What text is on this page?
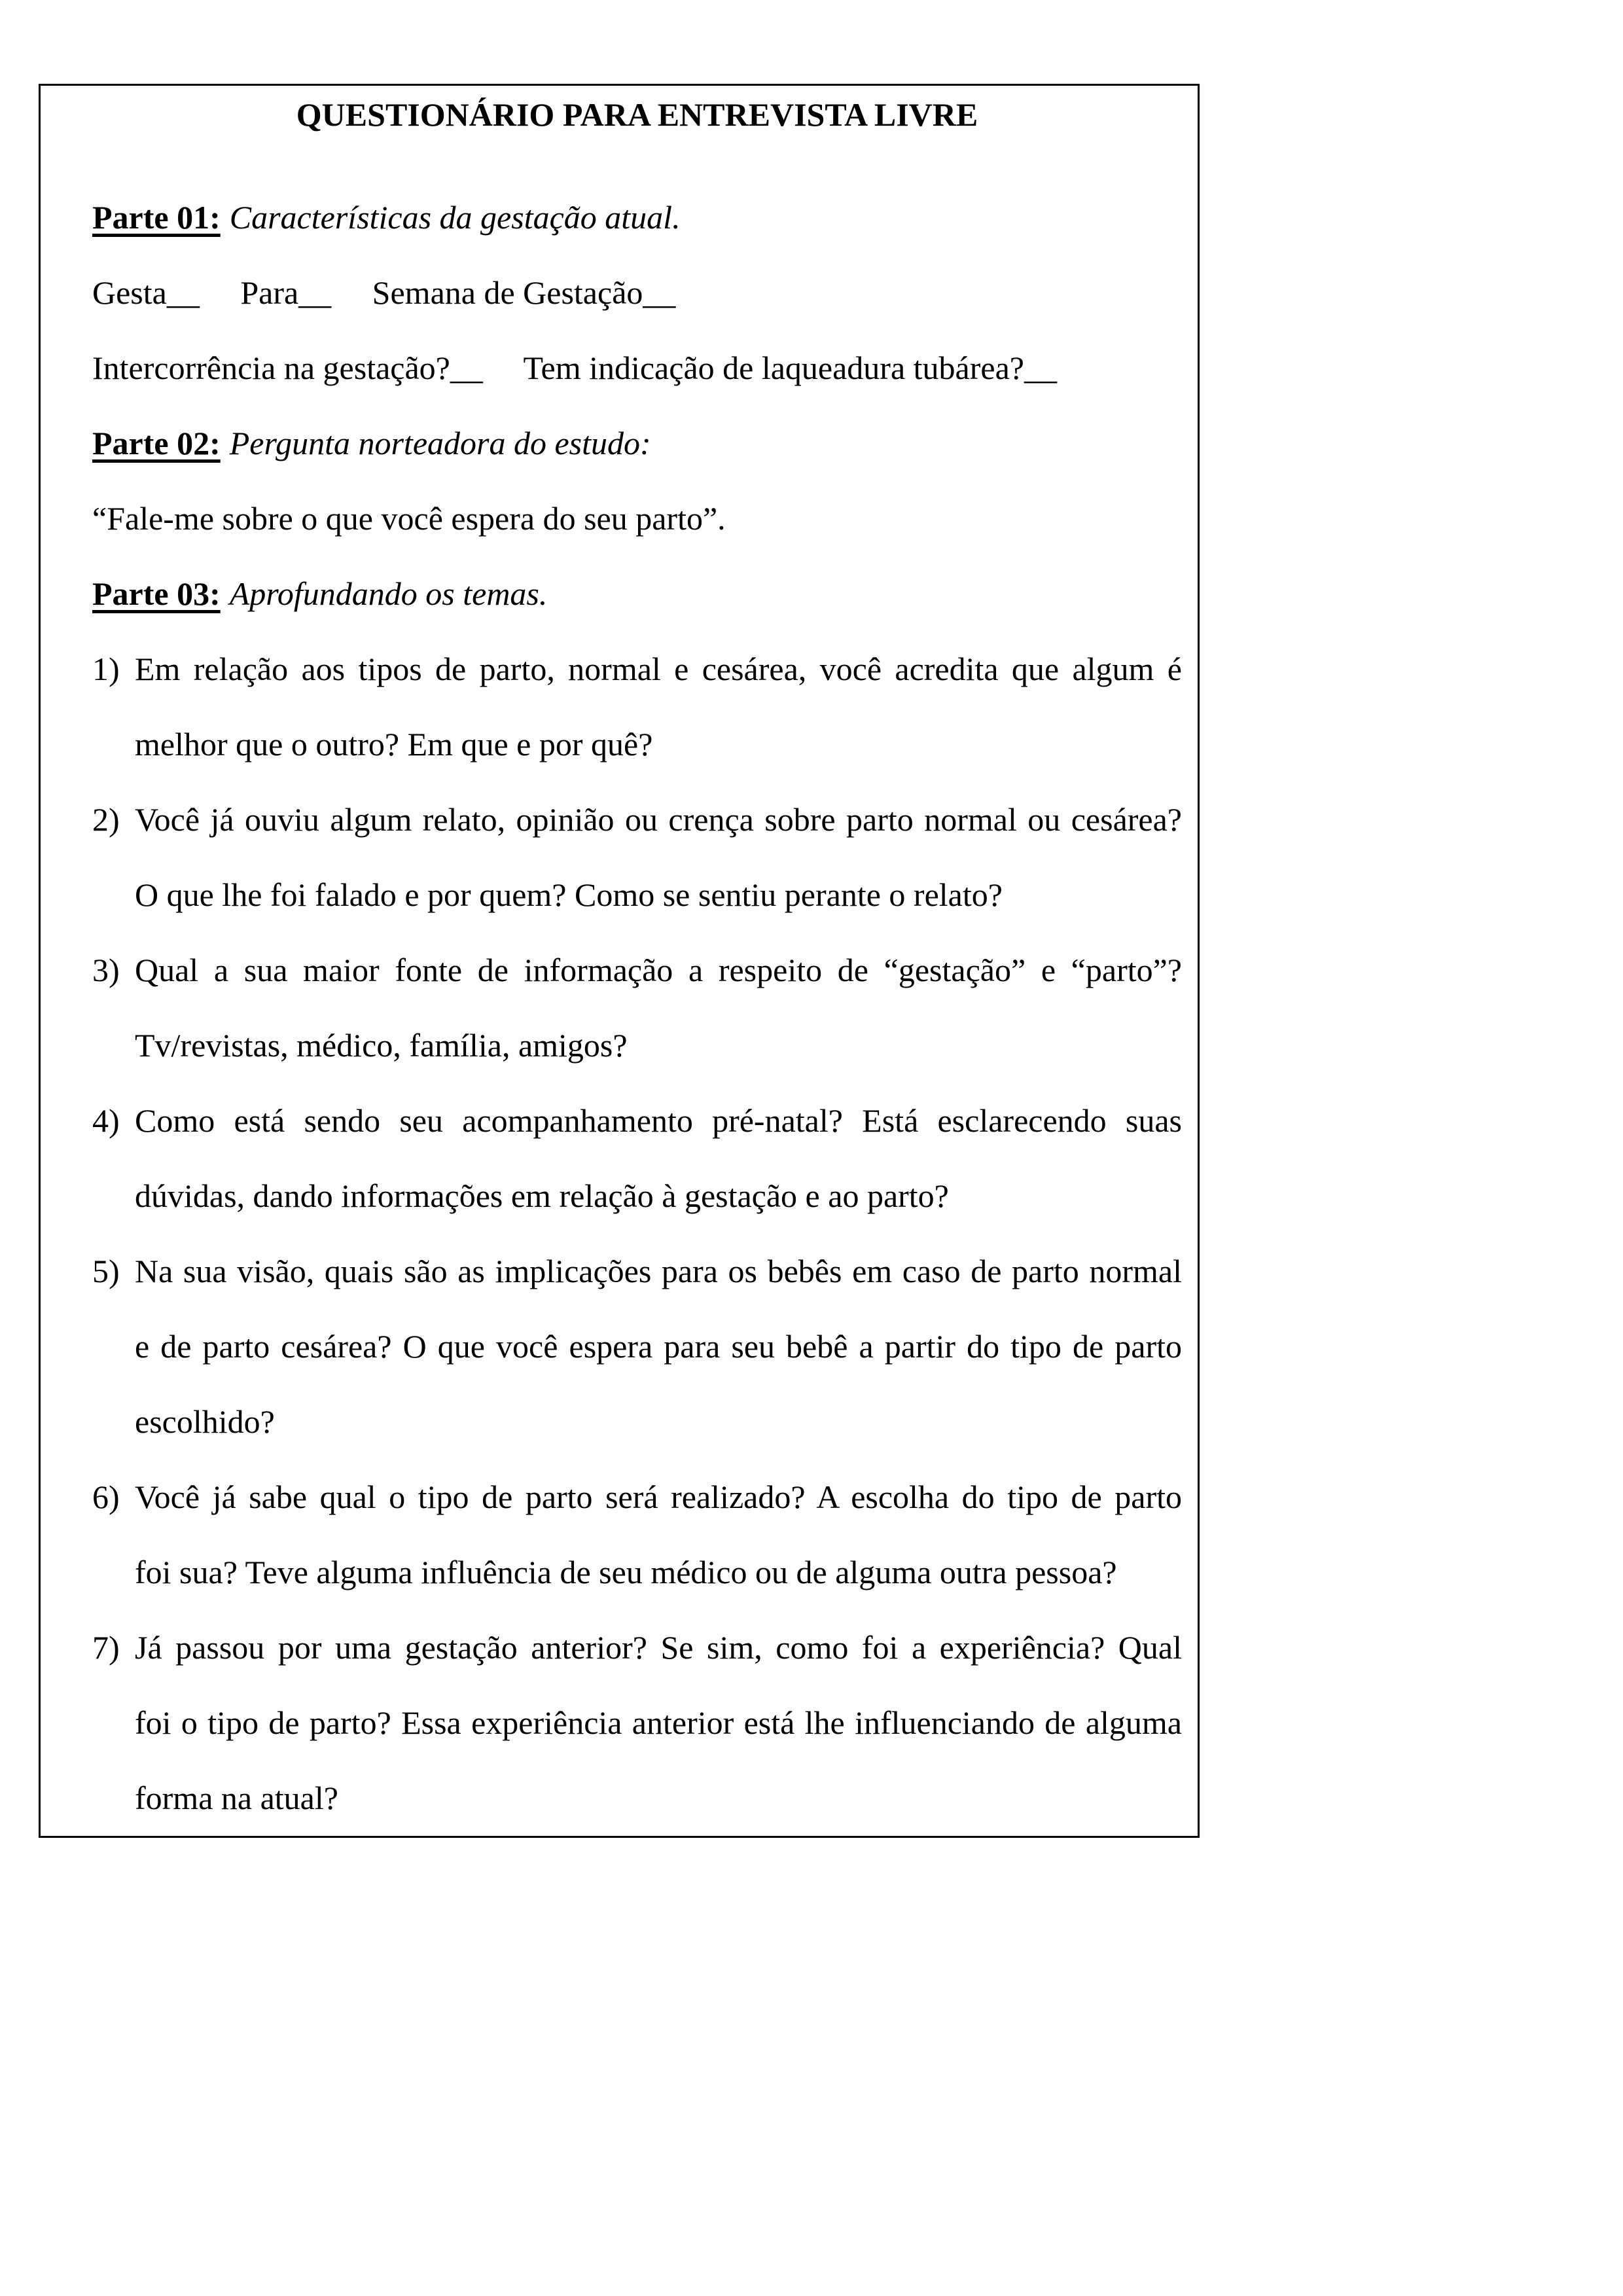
QUESTIONÁRIO PARA ENTREVISTA LIVRE

Parte 01: Características da gestação atual.

Gesta__     Para__     Semana de Gestação__

Intercorrência na gestação?__     Tem indicação de laqueadura tubárea?__

Parte 02: Pergunta norteadora do estudo:

“Fale-me sobre o que você espera do seu parto”.

Parte 03: Aprofundando os temas.

1) Em relação aos tipos de parto, normal e cesárea, você acredita que algum é
melhor que o outro? Em que e por quê?
2) Você já ouviu algum relato, opinião ou crença sobre parto normal ou cesárea?
O que lhe foi falado e por quem? Como se sentiu perante o relato?
3) Qual a sua maior fonte de informação a respeito de “gestação” e “parto”?
Tv/revistas, médico, família, amigos?
4) Como está sendo seu acompanhamento pré-natal? Está esclarecendo suas
dúvidas, dando informações em relação à gestação e ao parto?
5) Na sua visão, quais são as implicações para os bebês em caso de parto normal
e de parto cesárea? O que você espera para seu bebê a partir do tipo de parto
escolhido?
6) Você já sabe qual o tipo de parto será realizado? A escolha do tipo de parto
foi sua? Teve alguma influência de seu médico ou de alguma outra pessoa?
7) Já passou por uma gestação anterior? Se sim, como foi a experiência? Qual
foi o tipo de parto? Essa experiência anterior está lhe influenciando de alguma
forma na atual?
